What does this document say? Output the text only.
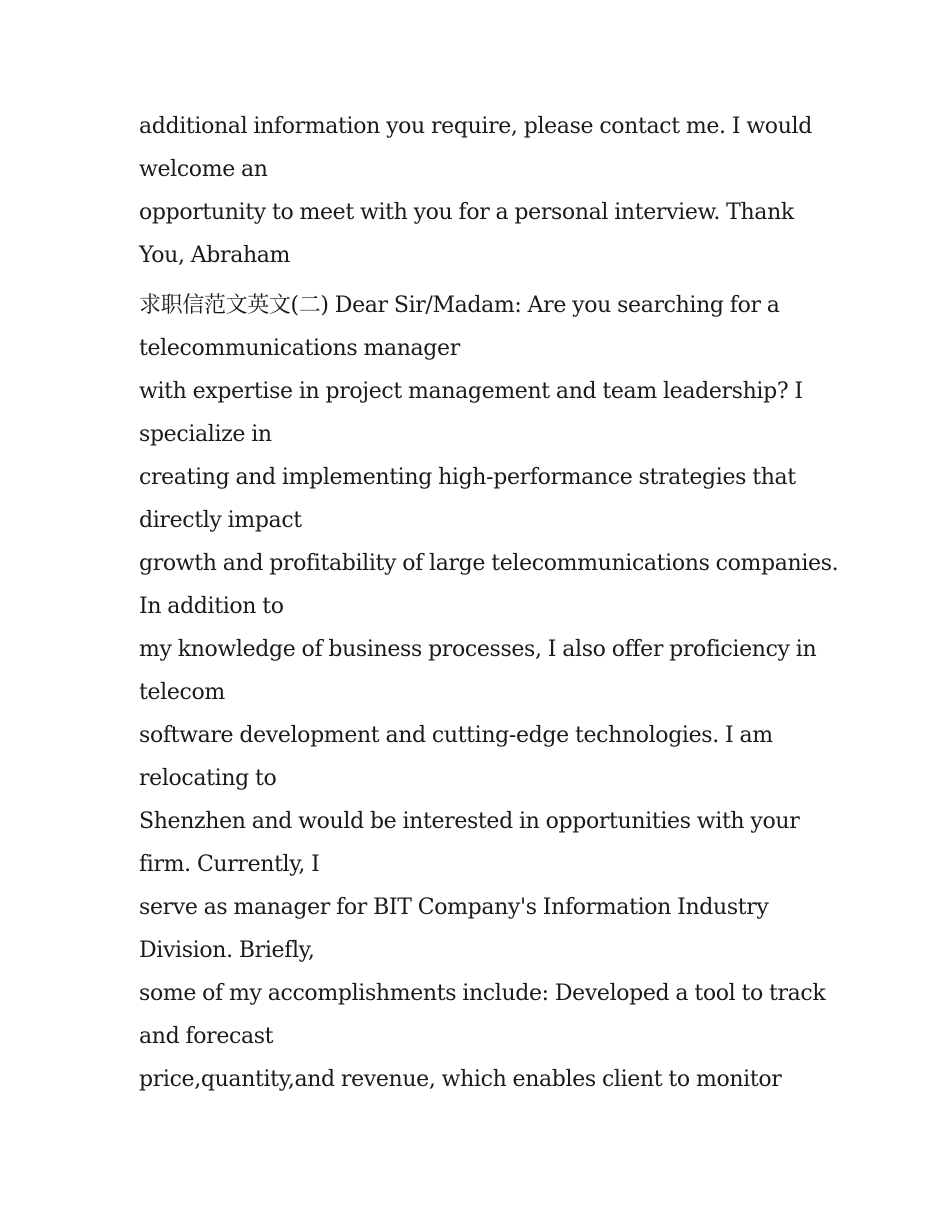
additional information you require, please contact me. I would
welcome an
opportunity to meet with you for a personal interview. Thank
You, Abraham
求职信范文英文(二) Dear Sir/Madam: Are you searching for a
telecommunications manager
with expertise in project management and team leadership? I
specialize in
creating and implementing high-performance strategies that
directly impact
growth and profitability of large telecommunications companies.
In addition to
my knowledge of business processes, I also offer proficiency in
telecom
software development and cutting-edge technologies. I am
relocating to
Shenzhen and would be interested in opportunities with your
firm. Currently, I
serve as manager for BIT Company's Information Industry
Division. Briefly,
some of my accomplishments include: Developed a tool to track
and forecast
price,quantity,and revenue, which enables client to monitor
